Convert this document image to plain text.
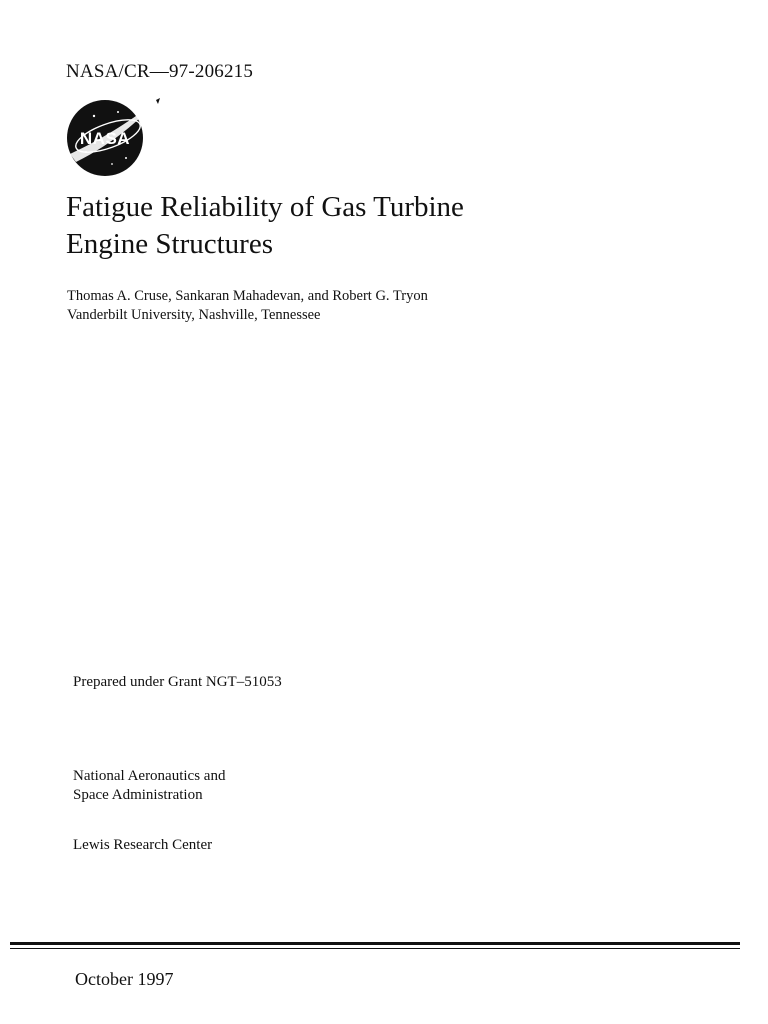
NASA/CR—97-206215
NASA
Fatigue Reliability of Gas Turbine
Engine Structures
Thomas A. Cruse, Sankaran Mahadevan, and Robert G. Tryon
Vanderbilt University, Nashville, Tennessee
Prepared under Grant NGT–51053
National Aeronautics and
Space Administration
Lewis Research Center
October 1997
